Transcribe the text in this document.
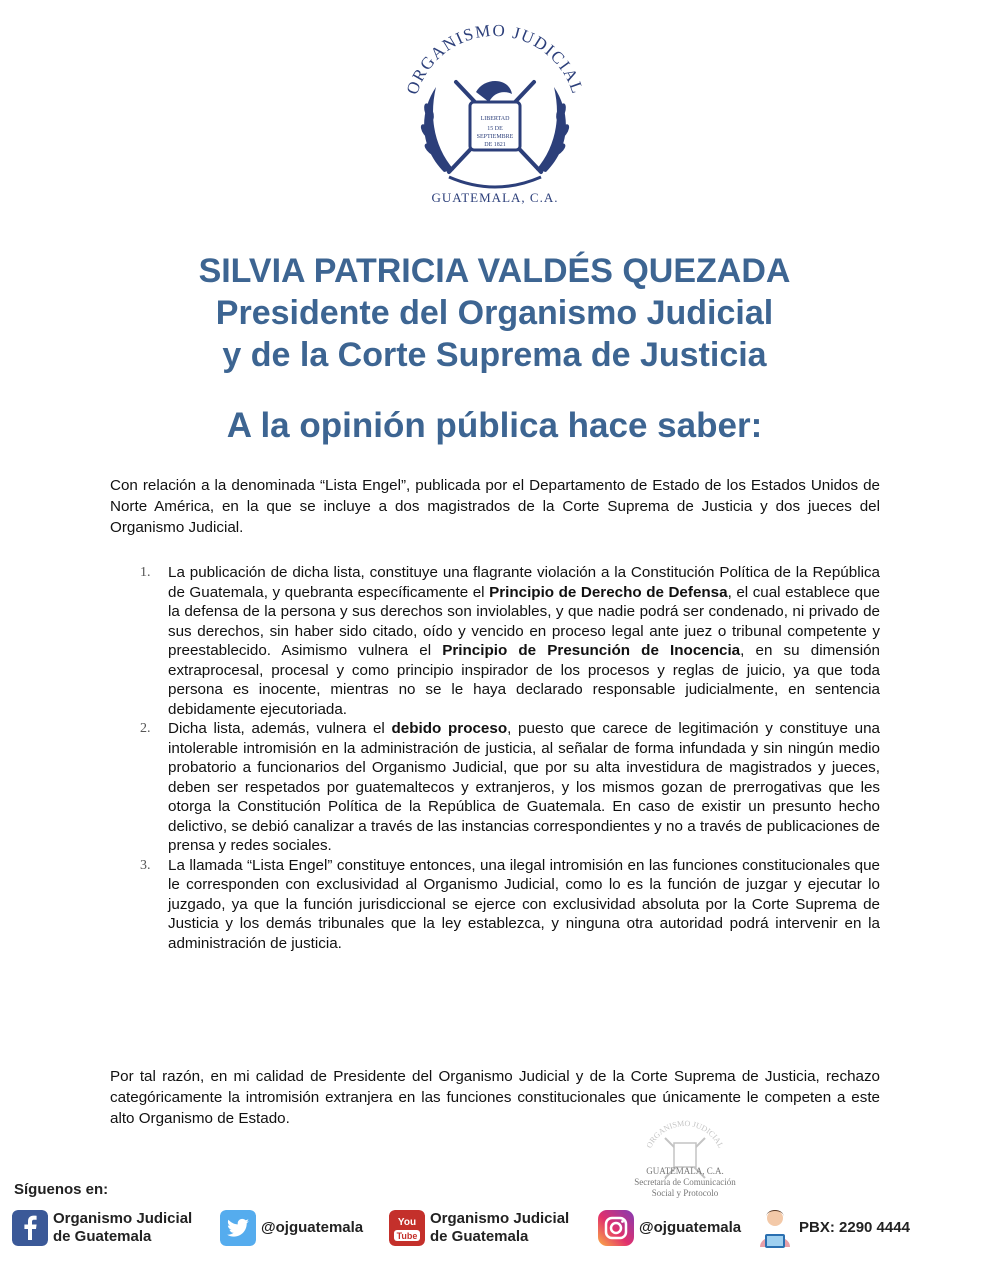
ORGANISMO JUDICIAL
LIBERTAD
15 DE
SEPTIEMBRE
DE 1821
GUATEMALA, C.A.
SILVIA PATRICIA VALDÉS QUEZADA
Presidente del Organismo Judicial
y de la Corte Suprema de Justicia
A la opinión pública hace saber:

Con relación a la denominada “Lista Engel”, publicada por el Departamento de Estado de los Estados Unidos de Norte América, en la que se incluye a dos magistrados de la Corte Suprema de Justicia y dos jueces del Organismo Judicial.

1. La publicación de dicha lista, constituye una flagrante violación a la Constitución Política de la República de Guatemala, y quebranta específicamente el Principio de Derecho de Defensa, el cual establece que la defensa de la persona y sus derechos son inviolables, y que nadie podrá ser condenado, ni privado de sus derechos, sin haber sido citado, oído y vencido en proceso legal ante juez o tribunal competente y preestablecido. Asimismo vulnera el Principio de Presunción de Inocencia, en su dimensión extraprocesal, procesal y como principio inspirador de los procesos y reglas de juicio, ya que toda persona es inocente, mientras no se le haya declarado responsable judicialmente, en sentencia debidamente ejecutoriada.
2. Dicha lista, además, vulnera el debido proceso, puesto que carece de legitimación y constituye una intolerable intromisión en la administración de justicia, al señalar de forma infundada y sin ningún medio probatorio a funcionarios del Organismo Judicial, que por su alta investidura de magistrados y jueces, deben ser respetados por guatemaltecos y extranjeros, y los mismos gozan de prerrogativas que les otorga la Constitución Política de la República de Guatemala. En caso de existir un presunto hecho delictivo, se debió canalizar a través de las instancias correspondientes y no a través de publicaciones de prensa y redes sociales.
3. La llamada “Lista Engel” constituye entonces, una ilegal intromisión en las funciones constitucionales que le corresponden con exclusividad al Organismo Judicial, como lo es la función de juzgar y ejecutar lo juzgado, ya que la función jurisdiccional se ejerce con exclusividad absoluta por la Corte Suprema de Justicia y los demás tribunales que la ley establezca, y ninguna otra autoridad podrá intervenir en la administración de justicia.

Por tal razón, en mi calidad de Presidente del Organismo Judicial y de la Corte Suprema de Justicia, rechazo categóricamente la intromisión extranjera en las funciones constitucionales que únicamente le competen a este alto Organismo de Estado.

ORGANISMO JUDICIAL
GUATEMALA, C.A.
Secretaría de Comunicación
Social y Protocolo
Síguenos en:
Organismo Judicial
de Guatemala
@ojguatemala	You
Tube
Organismo Judicial
de Guatemala
@ojguatemala	PBX: 2290 4444
